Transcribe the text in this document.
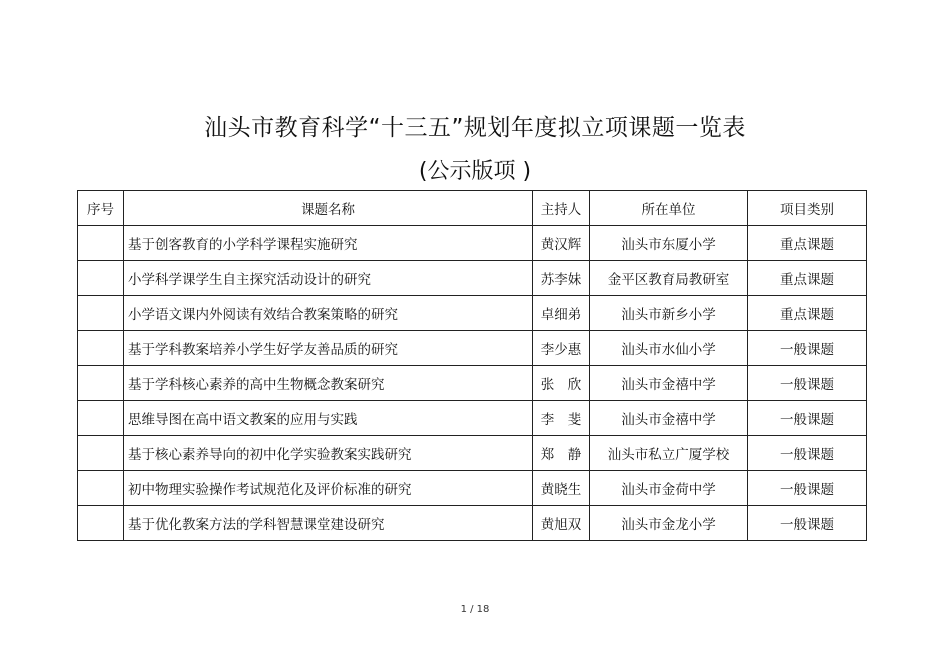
汕头市教育科学“十三五”规划年度拟立项课题一览表
(公示版项 )
序号	课题名称	主持人	所在单位	项目类别
	基于创客教育的小学科学课程实施研究	黄汉辉	汕头市东厦小学	重点课题
	小学科学课学生自主探究活动设计的研究	苏李妹	金平区教育局教研室	重点课题
	小学语文课内外阅读有效结合教案策略的研究	卓细弟	汕头市新乡小学	重点课题
	基于学科教案培养小学生好学友善品质的研究	李少惠	汕头市水仙小学	一般课题
	基于学科核心素养的高中生物概念教案研究	张　欣	汕头市金禧中学	一般课题
	思维导图在高中语文教案的应用与实践	李　斐	汕头市金禧中学	一般课题
	基于核心素养导向的初中化学实验教案实践研究	郑　静	汕头市私立广厦学校	一般课题
	初中物理实验操作考试规范化及评价标准的研究	黄晓生	汕头市金荷中学	一般课题
	基于优化教案方法的学科智慧课堂建设研究	黄旭双	汕头市金龙小学	一般课题
1 / 18
